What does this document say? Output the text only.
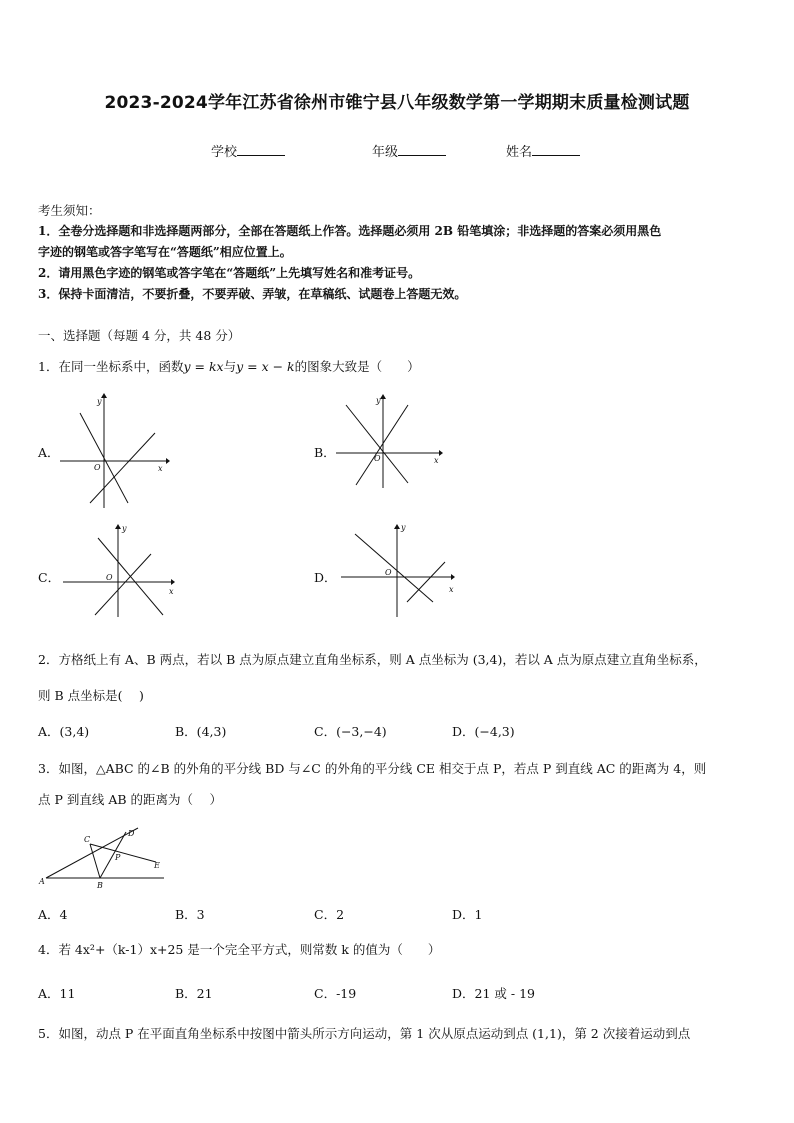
2023-2024学年江苏省徐州市锥宁县八年级数学第一学期期末质量检测试题
学校	年级	姓名
考生须知：
1．全卷分选择题和非选择题两部分，全部在答题纸上作答。选择题必须用 2B 铅笔填涂；非选择题的答案必须用黑色
字迹的钢笔或答字笔写在“答题纸”相应位置上。
2．请用黑色字迹的钢笔或答字笔在“答题纸”上先填写姓名和准考证号。
3．保持卡面清洁，不要折叠，不要弄破、弄皱，在草稿纸、试题卷上答题无效。
一、选择题（每题 4 分，共 48 分）
1．在同一坐标系中，函数y = kx与y = x − k的图象大致是（　　）
A．	B．
C．	D．
y
x
O
y
x
O
y
x
O
y
x
O
2．方格纸上有 A、B 两点，若以 B 点为原点建立直角坐标系，则 A 点坐标为 (3,4)，若以 A 点为原点建立直角坐标系，
则 B 点坐标是(　 )
A．(3,4)	B．(4,3)	C．(−3,−4)	D．(−4,3)
3．如图，△ABC 的∠B 的外角的平分线 BD 与∠C 的外角的平分线 CE 相交于点 P，若点 P 到直线 AC 的距离为 4，则
点 P 到直线 AB 的距离为（　 ）
A	B
C
D
E
P
A．4	B．3	C．2	D．1
4．若 4x²+（k-1）x+25 是一个完全平方式，则常数 k 的值为（　　）
A．11	B．21	C．-19	D．21 或 - 19
5．如图，动点 P 在平面直角坐标系中按图中箭头所示方向运动，第 1 次从原点运动到点 (1,1)，第 2 次接着运动到点
